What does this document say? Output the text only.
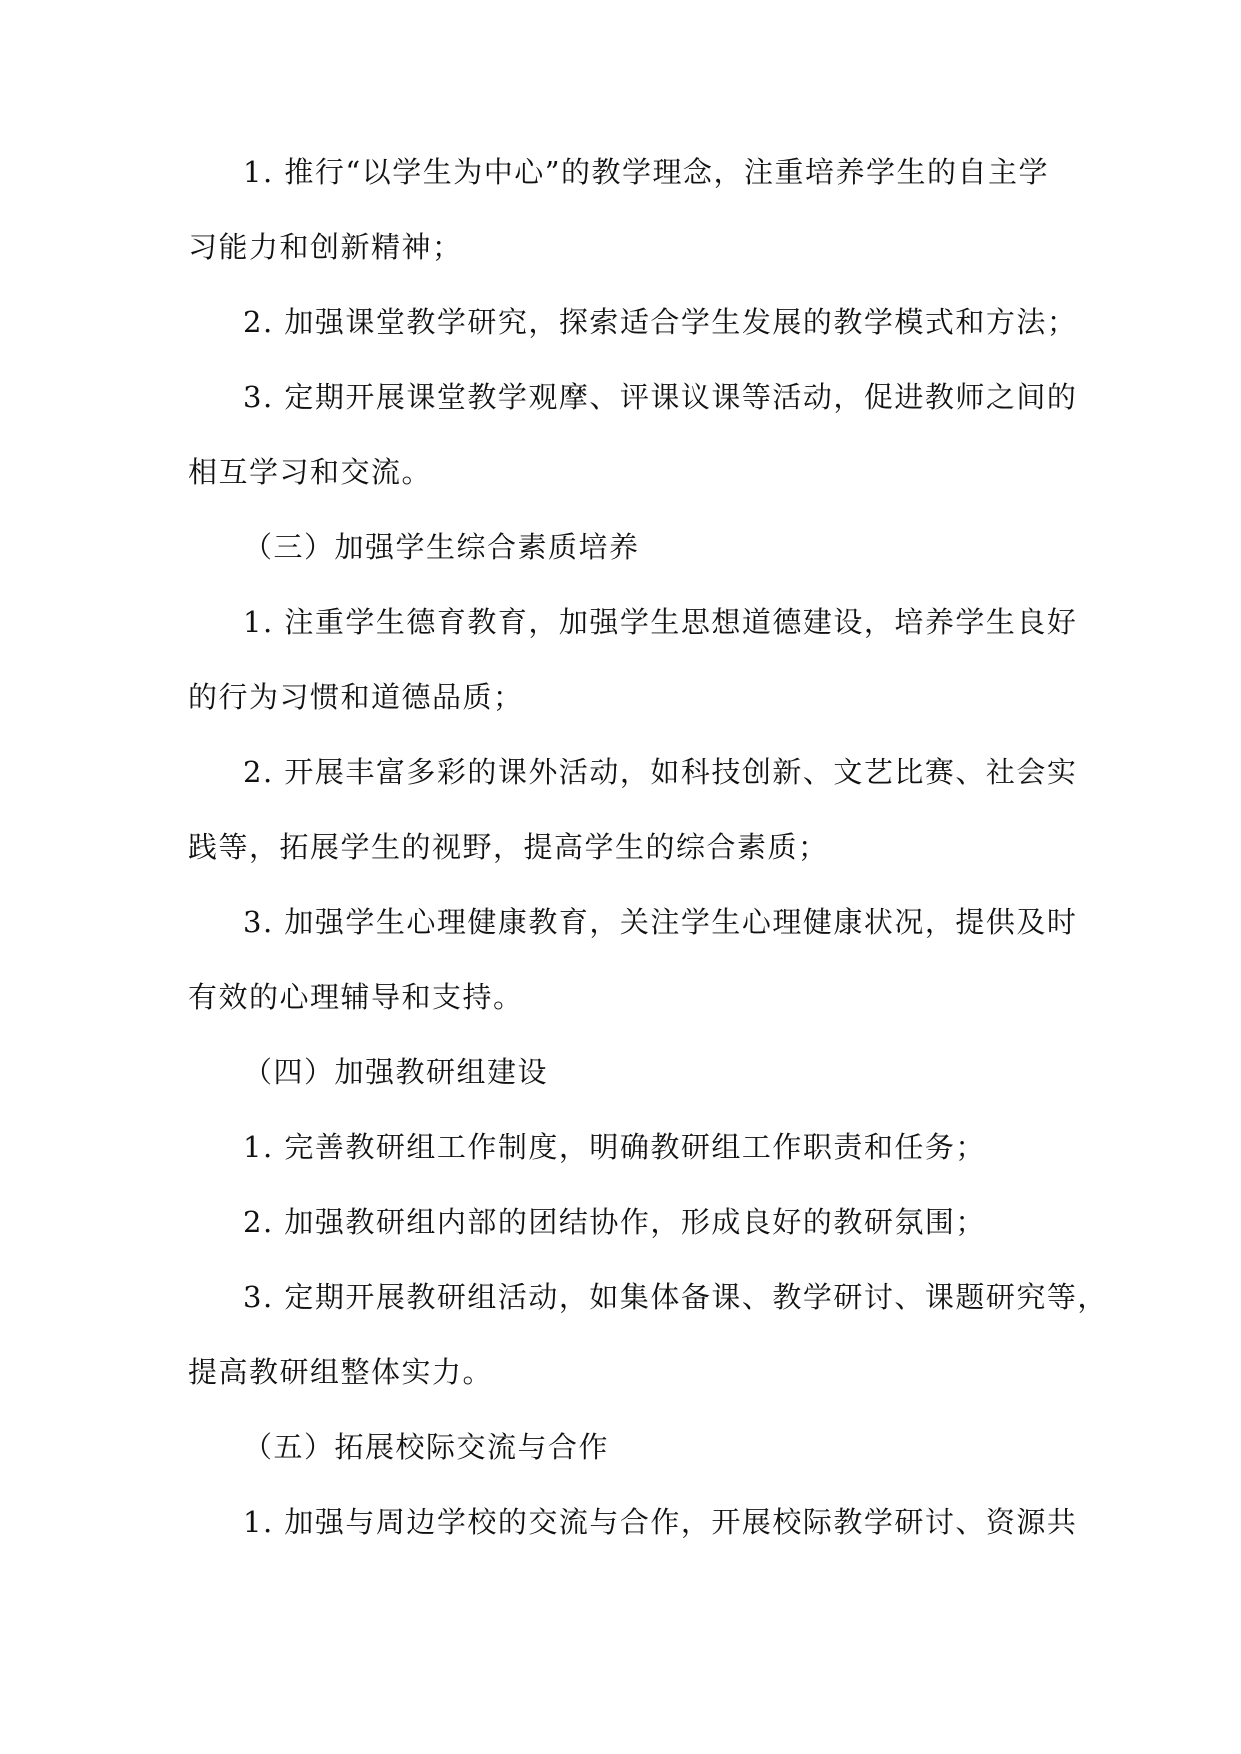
1. 推行“以学生为中心”的教学理念，注重培养学生的自主学
习能力和创新精神；
2. 加强课堂教学研究，探索适合学生发展的教学模式和方法；
3. 定期开展课堂教学观摩、评课议课等活动，促进教师之间的
相互学习和交流。
（三）加强学生综合素质培养
1. 注重学生德育教育，加强学生思想道德建设，培养学生良好
的行为习惯和道德品质；
2. 开展丰富多彩的课外活动，如科技创新、文艺比赛、社会实
践等，拓展学生的视野，提高学生的综合素质；
3. 加强学生心理健康教育，关注学生心理健康状况，提供及时
有效的心理辅导和支持。
（四）加强教研组建设
1. 完善教研组工作制度，明确教研组工作职责和任务；
2. 加强教研组内部的团结协作，形成良好的教研氛围；
3. 定期开展教研组活动，如集体备课、教学研讨、课题研究等，
提高教研组整体实力。
（五）拓展校际交流与合作
1. 加强与周边学校的交流与合作，开展校际教学研讨、资源共
